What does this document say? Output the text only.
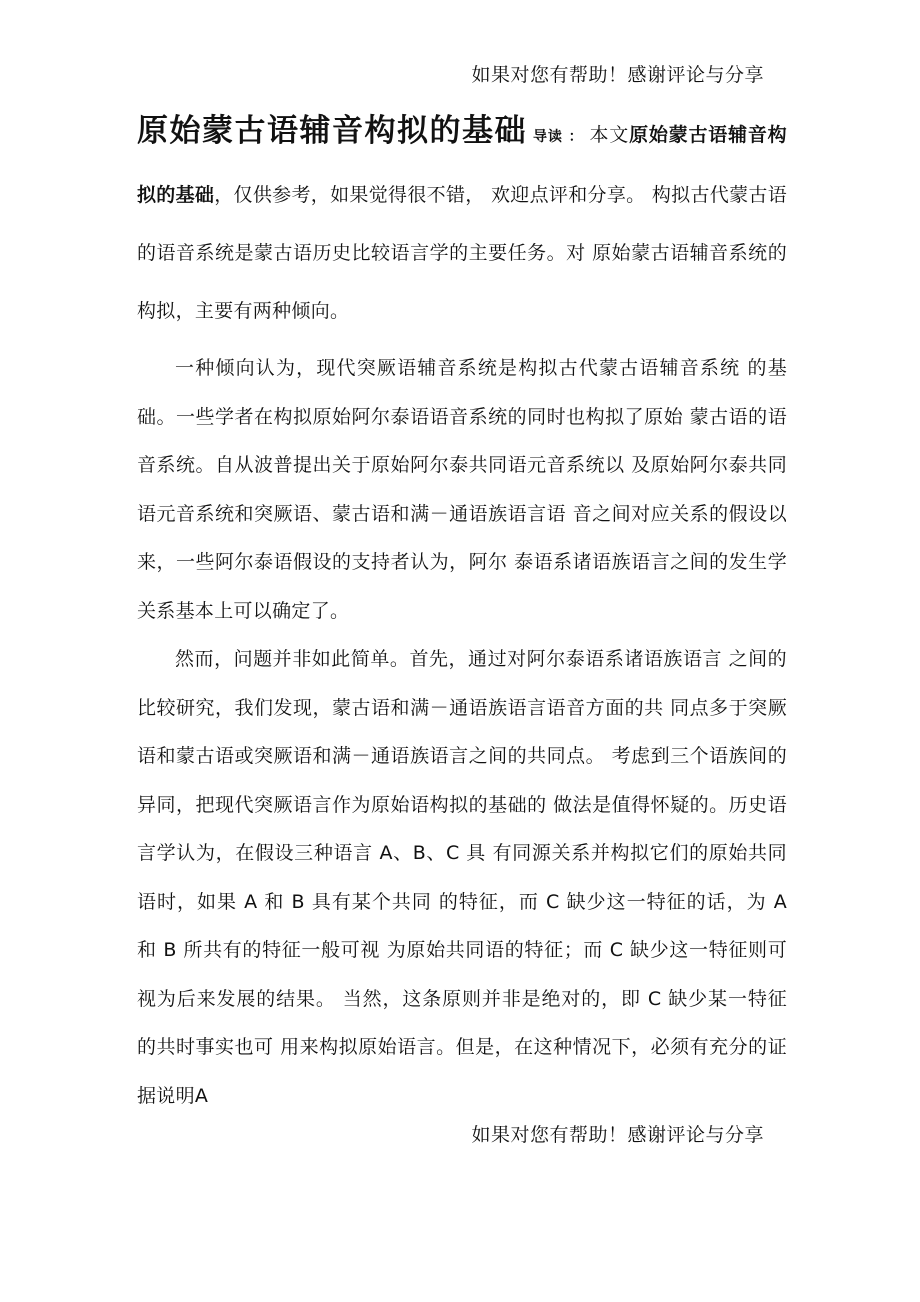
如果对您有帮助！感谢评论与分享

原始蒙古语辅音构拟的基础 导读 ： 本文原始蒙古语辅音构拟的基础，仅供参考，如果觉得很不错， 欢迎点评和分享。 构拟古代蒙古语的语音系统是蒙古语历史比较语言学的主要任务。对 原始蒙古语辅音系统的构拟，主要有两种倾向。

一种倾向认为，现代突厥语辅音系统是构拟古代蒙古语辅音系统 的基础。一些学者在构拟原始阿尔泰语语音系统的同时也构拟了原始 蒙古语的语音系统。自从波普提出关于原始阿尔泰共同语元音系统以 及原始阿尔泰共同语元音系统和突厥语、蒙古语和满－通语族语言语 音之间对应关系的假设以来，一些阿尔泰语假设的支持者认为，阿尔 泰语系诸语族语言之间的发生学关系基本上可以确定了。

然而，问题并非如此简单。首先，通过对阿尔泰语系诸语族语言 之间的比较研究，我们发现，蒙古语和满－通语族语言语音方面的共 同点多于突厥语和蒙古语或突厥语和满－通语族语言之间的共同点。 考虑到三个语族间的异同，把现代突厥语言作为原始语构拟的基础的 做法是值得怀疑的。历史语言学认为，在假设三种语言 A、B、C 具 有同源关系并构拟它们的原始共同语时，如果 A 和 B 具有某个共同 的特征，而 C 缺少这一特征的话，为 A 和 B 所共有的特征一般可视 为原始共同语的特征；而 C 缺少这一特征则可视为后来发展的结果。 当然，这条原则并非是绝对的，即 C 缺少某一特征的共时事实也可 用来构拟原始语言。但是，在这种情况下，必须有充分的证据说明A

如果对您有帮助！感谢评论与分享
